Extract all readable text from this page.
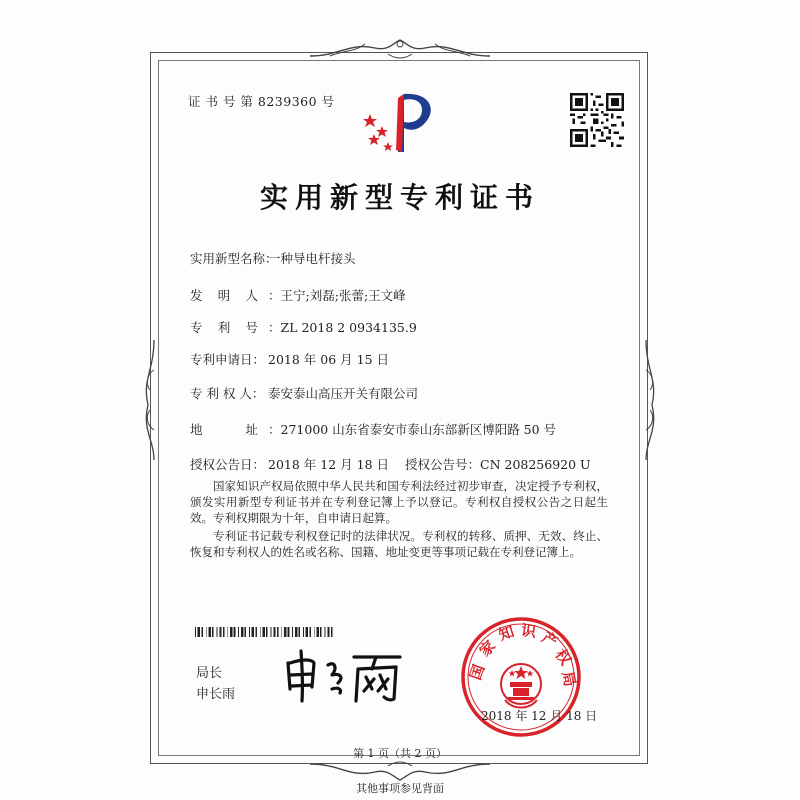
证 书 号 第 8239360 号
实用新型专利证书
实用新型名称：一种导电杆接头
发 明 人 ：王宁;刘磊;张蕾;王文峰
专 利 号 ：ZL 2018 2 0934135.9
专利申请日： 2018 年 06 月 15 日
专 利 权 人： 泰安泰山高压开关有限公司
地	址 ：271000 山东省泰安市泰山东部新区博阳路 50 号
授权公告日： 2018 年 12 月 18 日 授权公告号：CN 208256920 U
国家知识产权局依照中华人民共和国专利法经过初步审查，决定授予专利权，颁发实用新型专利证书并在专利登记簿上予以登记。专利权自授权公告之日起生效。专利权期限为十年，自申请日起算。
专利证书记载专利权登记时的法律状况。专利权的转移、质押、无效、终止、恢复和专利权人的姓名或名称、国籍、地址变更等事项记载在专利登记簿上。
局长
申长雨
国
家
知 识 产
权
局
2018 年 12 月 18 日
第 1 页（共 2 页）
其他事项参见背面
